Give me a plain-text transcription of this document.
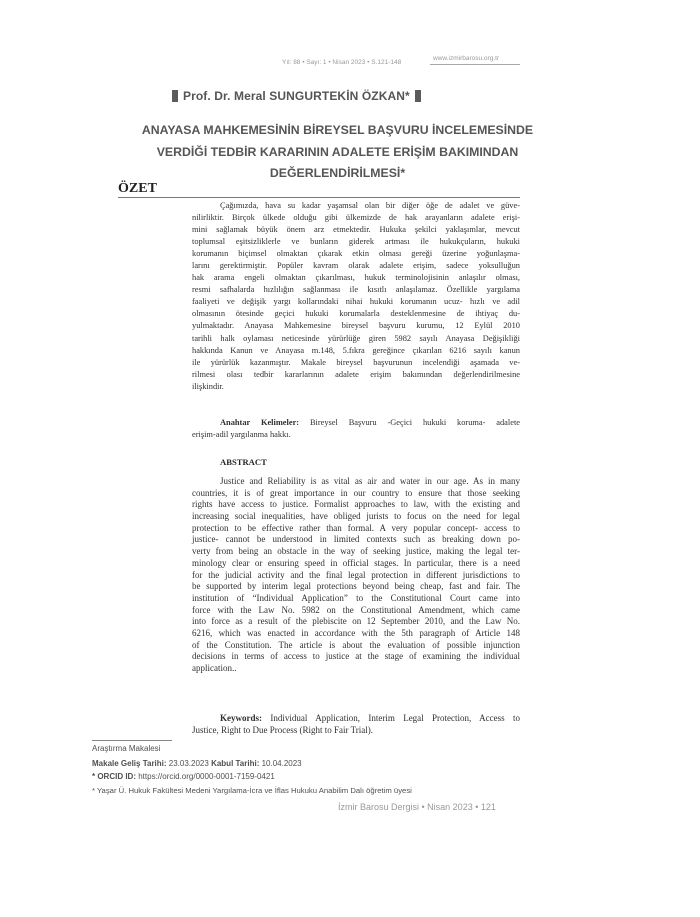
www.izmirbarosu.org.tr
Yıl: 88 • Sayı: 1 • Nisan 2023 • S.121-148
Prof. Dr. Meral SUNGURTEKİN ÖZKAN*
ANAYASA MAHKEMESİNİN BİREYSEL BAŞVURU İNCELEMESİNDE
VERDİĞİ TEDBİR KARARININ ADALETE ERİŞİM BAKIMINDAN
DEĞERLENDİRİLMESİ*
ÖZET
Çağımızda, hava su kadar yaşamsal olan bir diğer öğe de adalet ve güve-
nilirliktir. Birçok ülkede olduğu gibi ülkemizde de hak arayanların adalete erişi-
mini sağlamak büyük önem arz etmektedir. Hukuka şekilci yaklaşımlar, mevcut
toplumsal eşitsizliklerle ve bunların giderek artması ile hukukçuların, hukuki
korumanın biçimsel olmaktan çıkarak etkin olması gereği üzerine yoğunlaşma-
larını gerektirmiştir. Popüler kavram olarak adalete erişim, sadece yoksulluğun
hak arama engeli olmaktan çıkarılması, hukuk terminolojisinin anlaşılır olması,
resmi safhalarda hızlılığın sağlanması ile kısıtlı anlaşılamaz. Özellikle yargılama
faaliyeti ve değişik yargı kollarındaki nihai hukuki korumanın ucuz- hızlı ve adil
olmasının ötesinde geçici hukuki korumalarla desteklenmesine de ihtiyaç du-
yulmaktadır. Anayasa Mahkemesine bireysel başvuru kurumu, 12 Eylül 2010
tarihli halk oylaması neticesinde yürürlüğe giren 5982 sayılı Anayasa Değişikliği
hakkında Kanun ve Anayasa m.148, 5.fıkra gereğince çıkarılan 6216 sayılı kanun
ile yürürlük kazanmıştır. Makale bireysel başvurunun incelendiği aşamada ve-
rilmesi olası tedbir kararlarının adalete erişim bakımından değerlendirilmesine
ilişkindir.
Anahtar Kelimeler: Bireysel Başvuru -Geçici hukuki koruma- adalete
erişim-adil yargılanma hakkı.
ABSTRACT
Justice and Reliability is as vital as air and water in our age. As in many
countries, it is of great importance in our country to ensure that those seeking
rights have access to justice. Formalist approaches to law, with the existing and
increasing social inequalities, have obliged jurists to focus on the need for legal
protection to be effective rather than formal. A very popular concept- access to
justice- cannot be understood in limited contexts such as breaking down po-
verty from being an obstacle in the way of seeking justice, making the legal ter-
minology clear or ensuring speed in official stages. In particular, there is a need
for the judicial activity and the final legal protection in different jurisdictions to
be supported by interim legal protections beyond being cheap, fast and fair. The
institution of “Individual Application” to the Constitutional Court came into
force with the Law No. 5982 on the Constitutional Amendment, which came
into force as a result of the plebiscite on 12 September 2010, and the Law No.
6216, which was enacted in accordance with the 5th paragraph of Article 148
of the Constitution. The article is about the evaluation of possible injunction
decisions in terms of access to justice at the stage of examining the individual
application..
Keywords: Individual Application, Interim Legal Protection, Access to
Justice, Right to Due Process (Right to Fair Trial).
Araştırma Makalesi
Makale Geliş Tarihi: 23.03.2023 Kabul Tarihi: 10.04.2023
* ORCID ID: https://orcid.org/0000-0001-7159-0421
* Yaşar Ü. Hukuk Fakültesi Medeni Yargılama-İcra ve İflas Hukuku Anabilim Dalı öğretim üyesi
İzmir Barosu Dergisi • Nisan 2023 • 121
